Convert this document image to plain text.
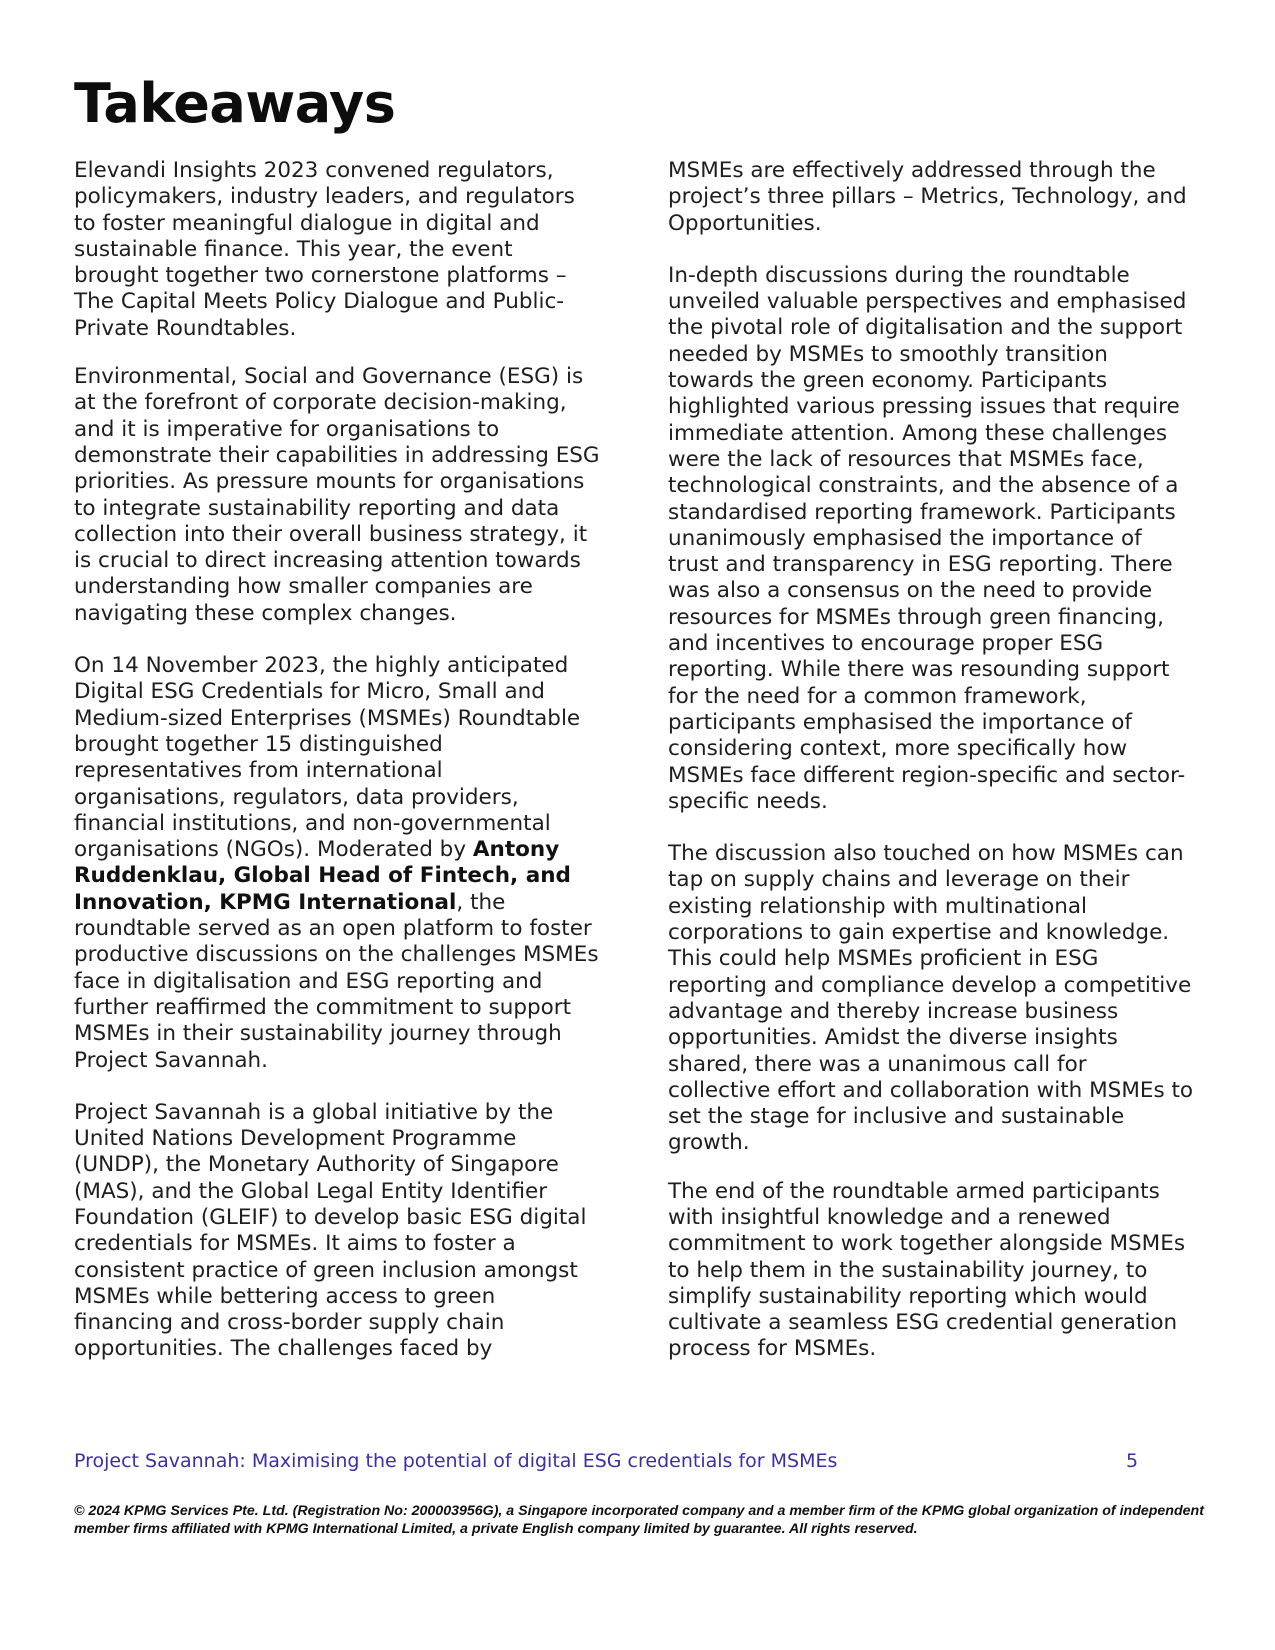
Takeaways

Elevandi Insights 2023 convened regulators, policymakers, industry leaders, and regulators to foster meaningful dialogue in digital and sustainable finance. This year, the event brought together two cornerstone platforms – The Capital Meets Policy Dialogue and Public-Private Roundtables.

Environmental, Social and Governance (ESG) is at the forefront of corporate decision-making, and it is imperative for organisations to demonstrate their capabilities in addressing ESG priorities. As pressure mounts for organisations to integrate sustainability reporting and data collection into their overall business strategy, it is crucial to direct increasing attention towards understanding how smaller companies are navigating these complex changes.

On 14 November 2023, the highly anticipated Digital ESG Credentials for Micro, Small and Medium-sized Enterprises (MSMEs) Roundtable brought together 15 distinguished representatives from international organisations, regulators, data providers, financial institutions, and non-governmental organisations (NGOs). Moderated by Antony Ruddenklau, Global Head of Fintech, and Innovation, KPMG International, the roundtable served as an open platform to foster productive discussions on the challenges MSMEs face in digitalisation and ESG reporting and further reaffirmed the commitment to support MSMEs in their sustainability journey through Project Savannah.

Project Savannah is a global initiative by the United Nations Development Programme (UNDP), the Monetary Authority of Singapore (MAS), and the Global Legal Entity Identifier Foundation (GLEIF) to develop basic ESG digital credentials for MSMEs. It aims to foster a consistent practice of green inclusion amongst MSMEs while bettering access to green financing and cross-border supply chain opportunities. The challenges faced by

MSMEs are effectively addressed through the project’s three pillars – Metrics, Technology, and Opportunities.

In-depth discussions during the roundtable unveiled valuable perspectives and emphasised the pivotal role of digitalisation and the support needed by MSMEs to smoothly transition towards the green economy. Participants highlighted various pressing issues that require immediate attention. Among these challenges were the lack of resources that MSMEs face, technological constraints, and the absence of a standardised reporting framework. Participants unanimously emphasised the importance of trust and transparency in ESG reporting. There was also a consensus on the need to provide resources for MSMEs through green financing, and incentives to encourage proper ESG reporting. While there was resounding support for the need for a common framework, participants emphasised the importance of considering context, more specifically how MSMEs face different region-specific and sector-specific needs.

The discussion also touched on how MSMEs can tap on supply chains and leverage on their existing relationship with multinational corporations to gain expertise and knowledge. This could help MSMEs proficient in ESG reporting and compliance develop a competitive advantage and thereby increase business opportunities. Amidst the diverse insights shared, there was a unanimous call for collective effort and collaboration with MSMEs to set the stage for inclusive and sustainable growth.

The end of the roundtable armed participants with insightful knowledge and a renewed commitment to work together alongside MSMEs to help them in the sustainability journey, to simplify sustainability reporting which would cultivate a seamless ESG credential generation process for MSMEs.

Project Savannah: Maximising the potential of digital ESG credentials for MSMEs	5

© 2024 KPMG Services Pte. Ltd. (Registration No: 200003956G), a Singapore incorporated company and a member firm of the KPMG global organization of independent member firms affiliated with KPMG International Limited, a private English company limited by guarantee. All rights reserved.
